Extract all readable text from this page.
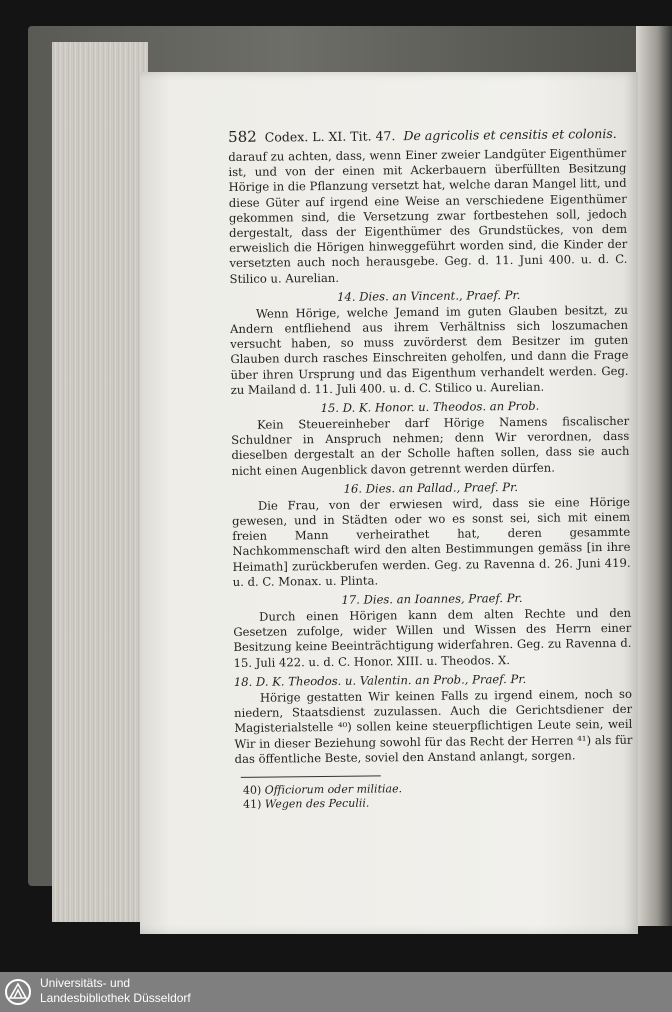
582 Codex. L. XI. Tit. 47. De agricolis et censitis et colonis.

darauf zu achten, dass, wenn Einer zweier Landgüter Eigenthümer ist, und von der einen mit Ackerbauern überfüllten Besitzung Hörige in die Pflanzung versetzt hat, welche daran Mangel litt, und diese Güter auf irgend eine Weise an verschiedene Eigenthümer gekommen sind, die Versetzung zwar fortbestehen soll, jedoch dergestalt, dass der Eigenthümer des Grundstückes, von dem erweislich die Hörigen hinweggeführt worden sind, die Kinder der versetzten auch noch herausgebe. Geg. d. 11. Juni 400. u. d. C. Stilico u. Aurelian.

14. Dies. an Vincent., Praef. Pr.

Wenn Hörige, welche Jemand im guten Glauben besitzt, zu Andern entfliehend aus ihrem Verhältniss sich loszumachen versucht haben, so muss zuvörderst dem Besitzer im guten Glauben durch rasches Einschreiten geholfen, und dann die Frage über ihren Ursprung und das Eigenthum verhandelt werden. Geg. zu Mailand d. 11. Juli 400. u. d. C. Stilico u. Aurelian.

15. D. K. Honor. u. Theodos. an Prob.

Kein Steuereinheber darf Hörige Namens fiscalischer Schuldner in Anspruch nehmen; denn Wir verordnen, dass dieselben dergestalt an der Scholle haften sollen, dass sie auch nicht einen Augenblick davon getrennt werden dürfen.

16. Dies. an Pallad., Praef. Pr.

Die Frau, von der erwiesen wird, dass sie eine Hörige gewesen, und in Städten oder wo es sonst sei, sich mit einem freien Mann verheirathet hat, deren gesammte Nachkommenschaft wird den alten Bestimmungen gemäss [in ihre Heimath] zurückberufen werden. Geg. zu Ravenna d. 26. Juni 419. u. d. C. Monax. u. Plinta.

17. Dies. an Ioannes, Praef. Pr.

Durch einen Hörigen kann dem alten Rechte und den Gesetzen zufolge, wider Willen und Wissen des Herrn einer Besitzung keine Beeinträchtigung widerfahren. Geg. zu Ravenna d. 15. Juli 422. u. d. C. Honor. XIII. u. Theodos. X.

18. D. K. Theodos. u. Valentin. an Prob., Praef. Pr.

Hörige gestatten Wir keinen Falls zu irgend einem, noch so niedern, Staatsdienst zuzulassen. Auch die Gerichtsdiener der Magisterialstelle ⁴⁰) sollen keine steuerpflichtigen Leute sein, weil Wir in dieser Beziehung sowohl für das Recht der Herren ⁴¹) als für das öffentliche Beste, soviel den Anstand anlangt, sorgen.

40) Officiorum oder militiae.
41) Wegen des Peculii.
Universitäts- und
Landesbibliothek Düsseldorf
